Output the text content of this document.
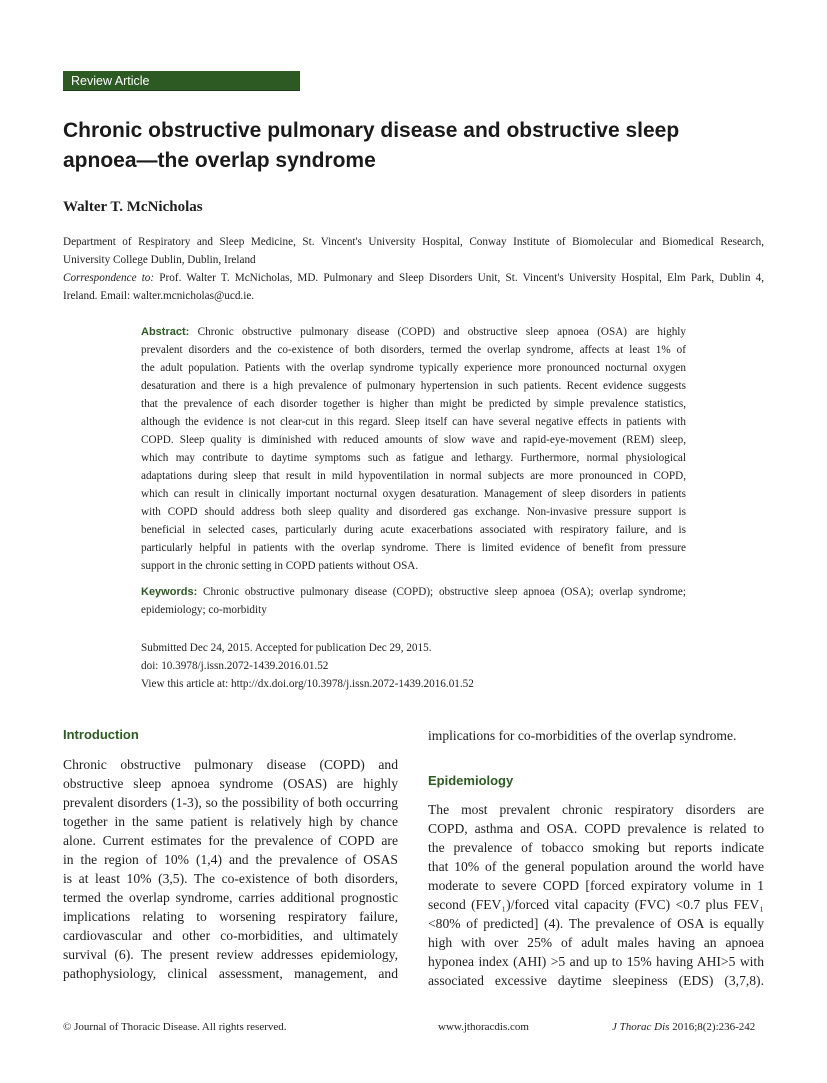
Review Article
Chronic obstructive pulmonary disease and obstructive sleep
apnoea—the overlap syndrome
Walter T. McNicholas
Department of Respiratory and Sleep Medicine, St. Vincent's University Hospital, Conway Institute of Biomolecular and Biomedical Research,
University College Dublin, Dublin, Ireland
Correspondence to: Prof. Walter T. McNicholas, MD. Pulmonary and Sleep Disorders Unit, St. Vincent's University Hospital, Elm Park, Dublin 4,
Ireland. Email: walter.mcnicholas@ucd.ie.
Abstract: Chronic obstructive pulmonary disease (COPD) and obstructive sleep apnoea (OSA) are highly
prevalent disorders and the co-existence of both disorders, termed the overlap syndrome, affects at least 1% of
the adult population. Patients with the overlap syndrome typically experience more pronounced nocturnal oxygen
desaturation and there is a high prevalence of pulmonary hypertension in such patients. Recent evidence suggests
that the prevalence of each disorder together is higher than might be predicted by simple prevalence statistics,
although the evidence is not clear-cut in this regard. Sleep itself can have several negative effects in patients with
COPD. Sleep quality is diminished with reduced amounts of slow wave and rapid-eye-movement (REM) sleep,
which may contribute to daytime symptoms such as fatigue and lethargy. Furthermore, normal physiological
adaptations during sleep that result in mild hypoventilation in normal subjects are more pronounced in COPD,
which can result in clinically important nocturnal oxygen desaturation. Management of sleep disorders in patients
with COPD should address both sleep quality and disordered gas exchange. Non-invasive pressure support is
beneficial in selected cases, particularly during acute exacerbations associated with respiratory failure, and is
particularly helpful in patients with the overlap syndrome. There is limited evidence of benefit from pressure
support in the chronic setting in COPD patients without OSA.
Keywords: Chronic obstructive pulmonary disease (COPD); obstructive sleep apnoea (OSA); overlap syndrome;
epidemiology; co-morbidity
Submitted Dec 24, 2015. Accepted for publication Dec 29, 2015.
doi: 10.3978/j.issn.2072-1439.2016.01.52
View this article at: http://dx.doi.org/10.3978/j.issn.2072-1439.2016.01.52
Introduction
Chronic obstructive pulmonary disease (COPD) and
obstructive sleep apnoea syndrome (OSAS) are highly
prevalent disorders (1-3), so the possibility of both occurring
together in the same patient is relatively high by chance
alone. Current estimates for the prevalence of COPD are
in the region of 10% (1,4) and the prevalence of OSAS
is at least 10% (3,5). The co-existence of both disorders,
termed the overlap syndrome, carries additional prognostic
implications relating to worsening respiratory failure,
cardiovascular and other co-morbidities, and ultimately
survival (6). The present review addresses epidemiology,
pathophysiology, clinical assessment, management, and
implications for co-morbidities of the overlap syndrome.
Epidemiology
The most prevalent chronic respiratory disorders are
COPD, asthma and OSA. COPD prevalence is related to
the prevalence of tobacco smoking but reports indicate
that 10% of the general population around the world have
moderate to severe COPD [forced expiratory volume in 1
second (FEV₁)/forced vital capacity (FVC) <0.7 plus FEV₁
<80% of predicted] (4). The prevalence of OSA is equally
high with over 25% of adult males having an apnoea
hyponea index (AHI) >5 and up to 15% having AHI>5 with
associated excessive daytime sleepiness (EDS) (3,7,8).
© Journal of Thoracic Disease. All rights reserved.	www.jthoracdis.com	J Thorac Dis 2016;8(2):236-242
